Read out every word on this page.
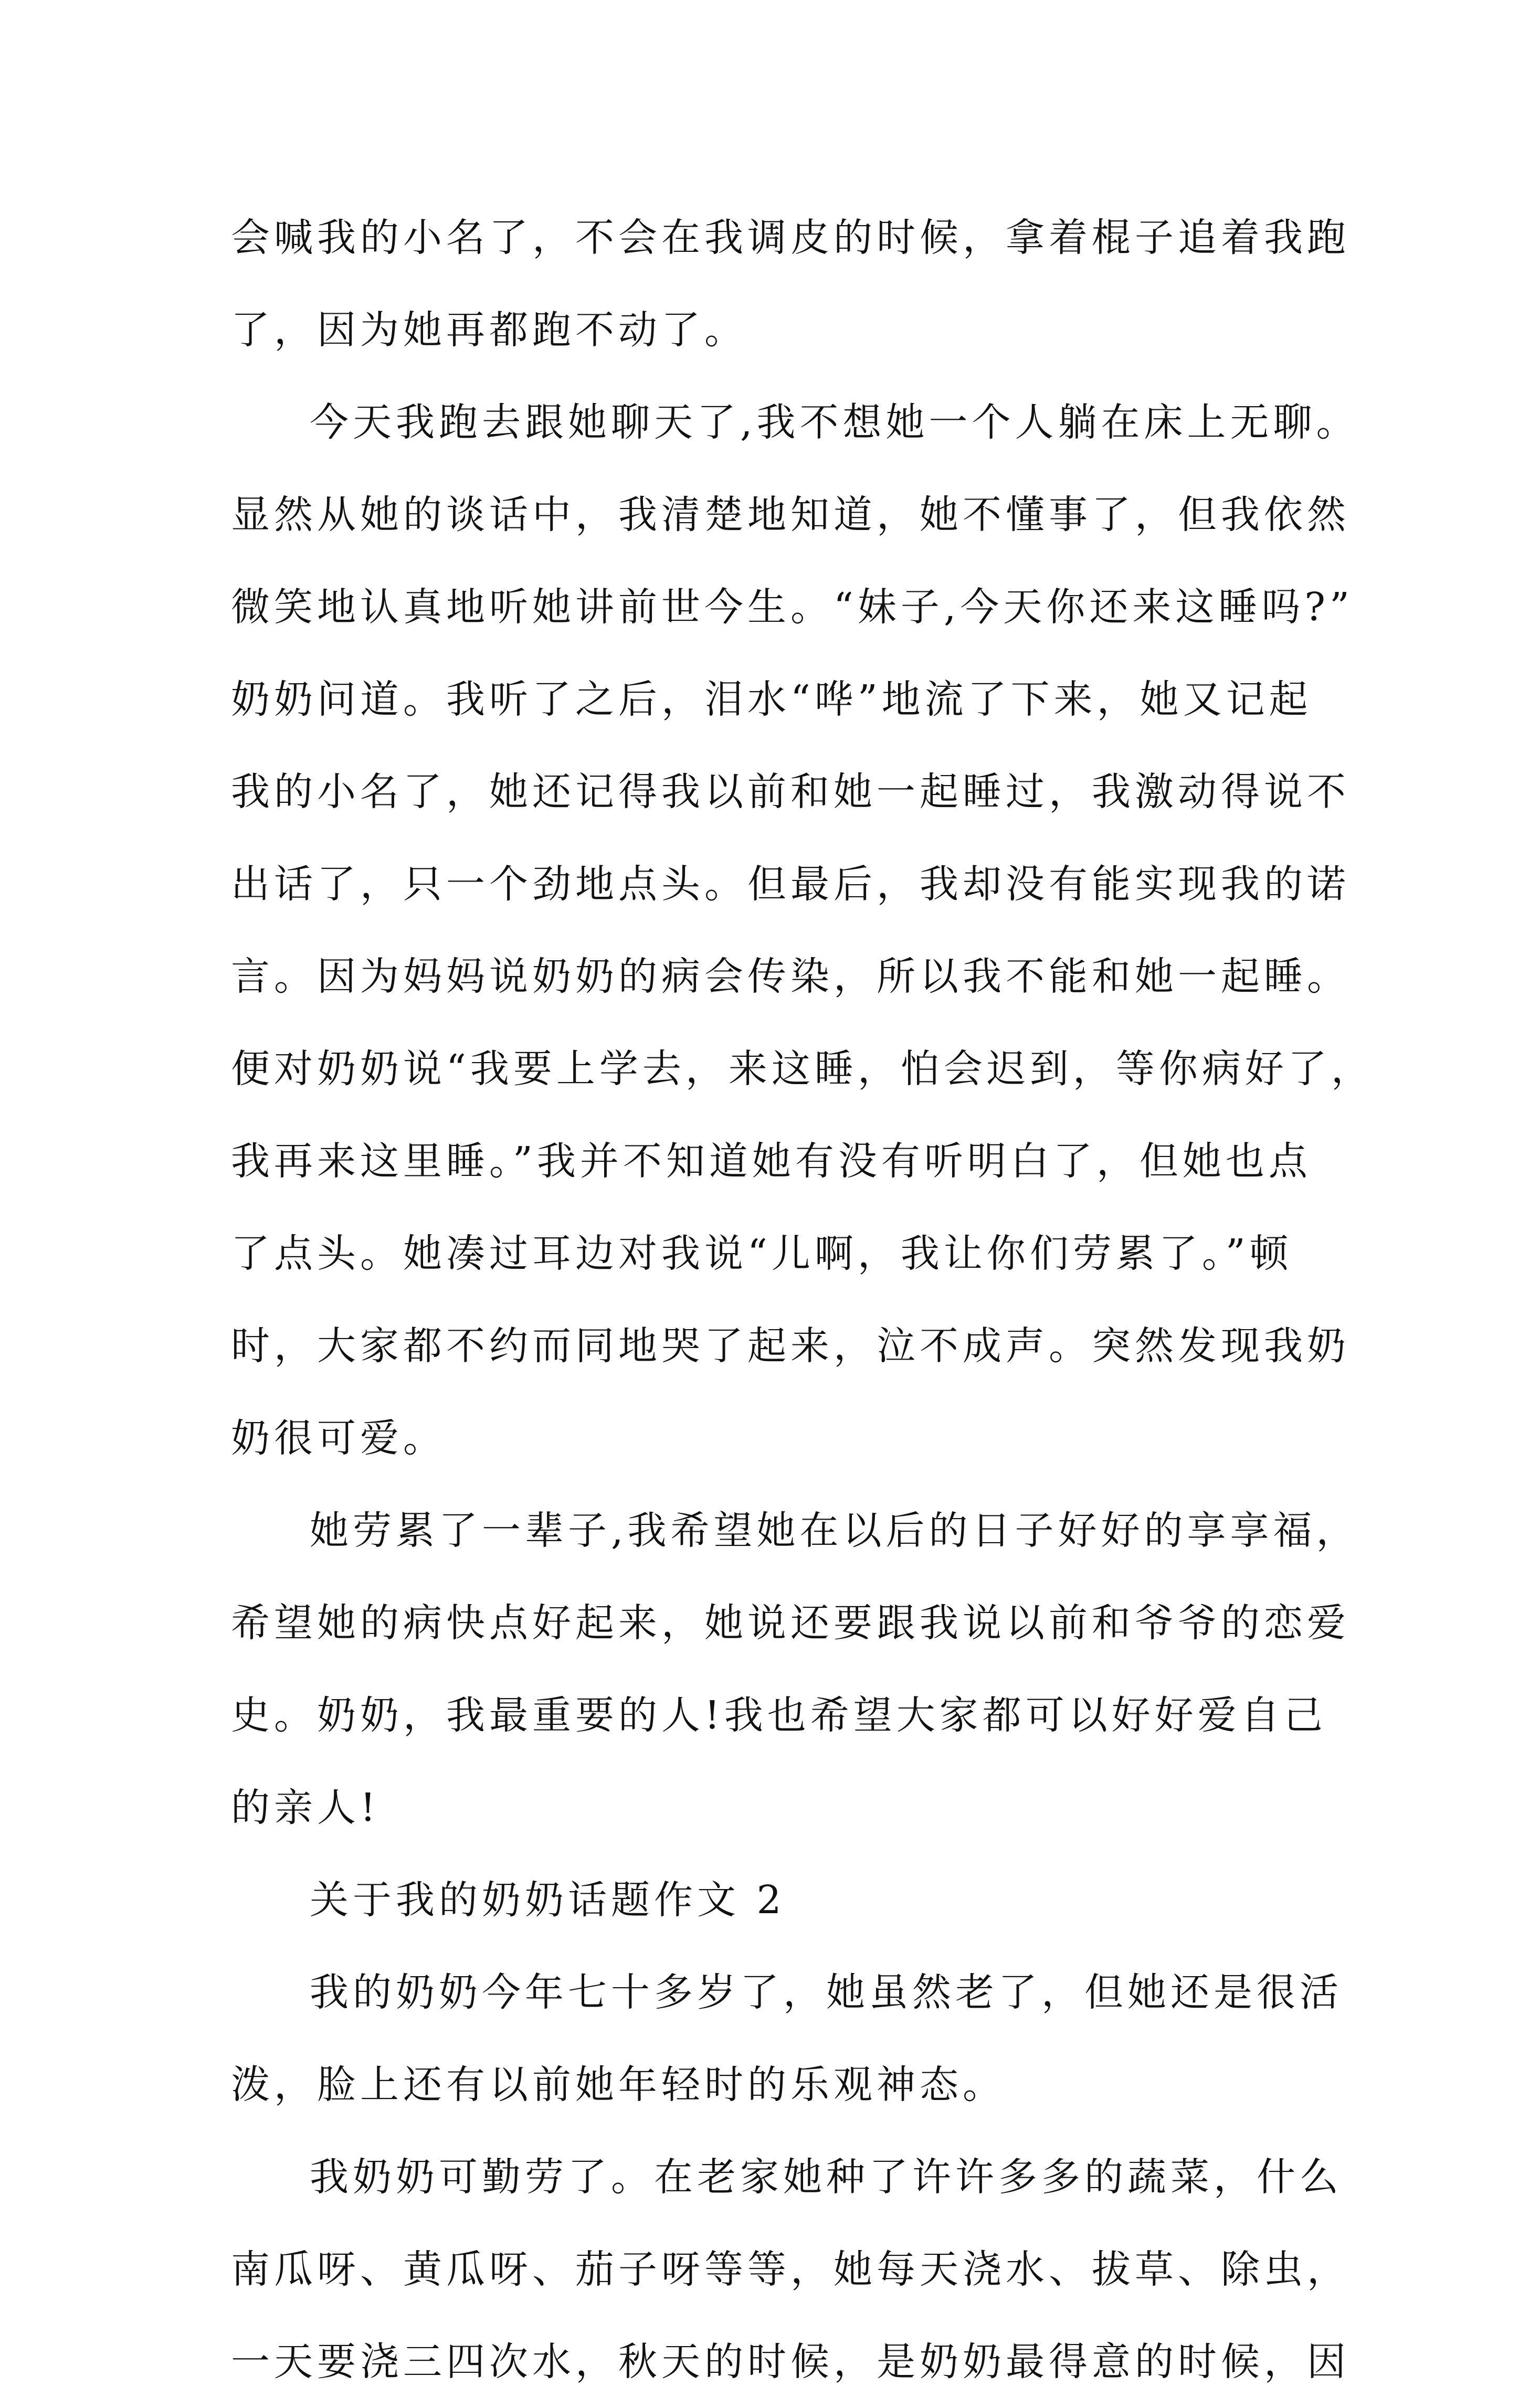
会喊我的小名了，不会在我调皮的时候，拿着棍子追着我跑
了，因为她再都跑不动了。
今天我跑去跟她聊天了,我不想她一个人躺在床上无聊。
显然从她的谈话中，我清楚地知道，她不懂事了，但我依然
微笑地认真地听她讲前世今生。“妹子,今天你还来这睡吗?”
奶奶问道。我听了之后，泪水“哗”地流了下来，她又记起
我的小名了，她还记得我以前和她一起睡过，我激动得说不
出话了，只一个劲地点头。但最后，我却没有能实现我的诺
言。因为妈妈说奶奶的病会传染，所以我不能和她一起睡。
便对奶奶说“我要上学去，来这睡，怕会迟到，等你病好了，
我再来这里睡。”我并不知道她有没有听明白了，但她也点
了点头。她凑过耳边对我说“儿啊，我让你们劳累了。”顿
时，大家都不约而同地哭了起来，泣不成声。突然发现我奶
奶很可爱。
她劳累了一辈子,我希望她在以后的日子好好的享享福，
希望她的病快点好起来，她说还要跟我说以前和爷爷的恋爱
史。奶奶，我最重要的人!我也希望大家都可以好好爱自己
的亲人!
关于我的奶奶话题作文 2
我的奶奶今年七十多岁了，她虽然老了，但她还是很活
泼，脸上还有以前她年轻时的乐观神态。
我奶奶可勤劳了。在老家她种了许许多多的蔬菜，什么
南瓜呀、黄瓜呀、茄子呀等等，她每天浇水、拔草、除虫，
一天要浇三四次水，秋天的时候，是奶奶最得意的时候，因
